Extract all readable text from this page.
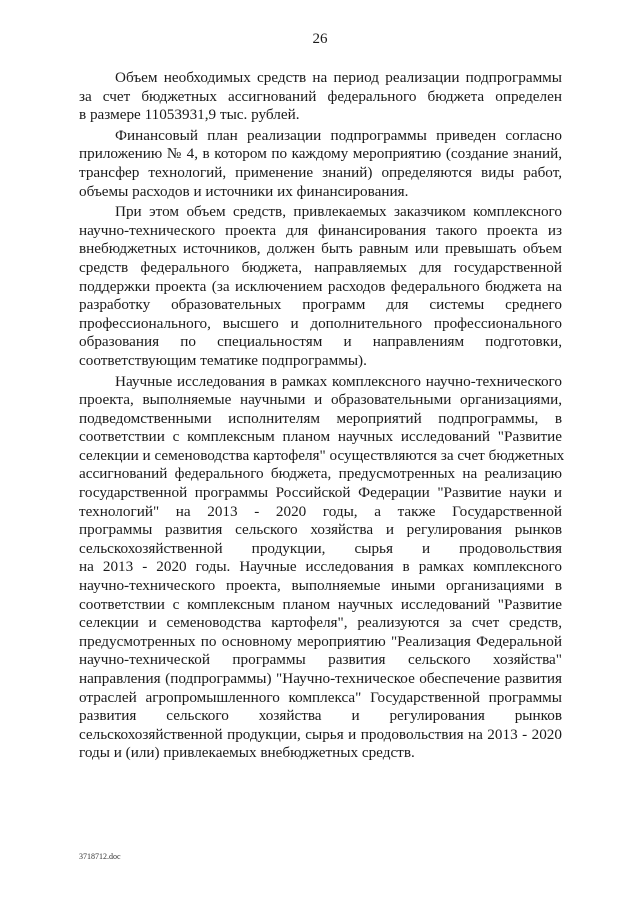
26

Объем необходимых средств на период реализации подпрограммы
за счет бюджетных ассигнований федерального бюджета определен
в размере 11053931,9 тыс. рублей.

Финансовый план реализации подпрограммы приведен согласно
приложению № 4, в котором по каждому мероприятию (создание знаний,
трансфер технологий, применение знаний) определяются виды работ,
объемы расходов и источники их финансирования.

При этом объем средств, привлекаемых заказчиком комплексного
научно-технического проекта для финансирования такого проекта из
внебюджетных источников, должен быть равным или превышать объем
средств федерального бюджета, направляемых для государственной
поддержки проекта (за исключением расходов федерального бюджета на
разработку образовательных программ для системы среднего
профессионального, высшего и дополнительного профессионального
образования по специальностям и направлениям подготовки,
соответствующим тематике подпрограммы).

Научные исследования в рамках комплексного научно-технического
проекта, выполняемые научными и образовательными организациями,
подведомственными исполнителям мероприятий подпрограммы, в
соответствии с комплексным планом научных исследований "Развитие
селекции и семеноводства картофеля" осуществляются за счет бюджетных
ассигнований федерального бюджета, предусмотренных на реализацию
государственной программы Российской Федерации "Развитие науки и
технологий" на 2013 - 2020 годы, а также Государственной
программы развития сельского хозяйства и регулирования рынков
сельскохозяйственной продукции, сырья и продовольствия
на 2013 - 2020 годы. Научные исследования в рамках комплексного
научно-технического проекта, выполняемые иными организациями в
соответствии с комплексным планом научных исследований "Развитие
селекции и семеноводства картофеля", реализуются за счет средств,
предусмотренных по основному мероприятию "Реализация Федеральной
научно-технической программы развития сельского хозяйства"
направления (подпрограммы) "Научно-техническое обеспечение развития
отраслей агропромышленного комплекса" Государственной программы
развития сельского хозяйства и регулирования рынков
сельскохозяйственной продукции, сырья и продовольствия на 2013 - 2020
годы и (или) привлекаемых внебюджетных средств.

3718712.doc
